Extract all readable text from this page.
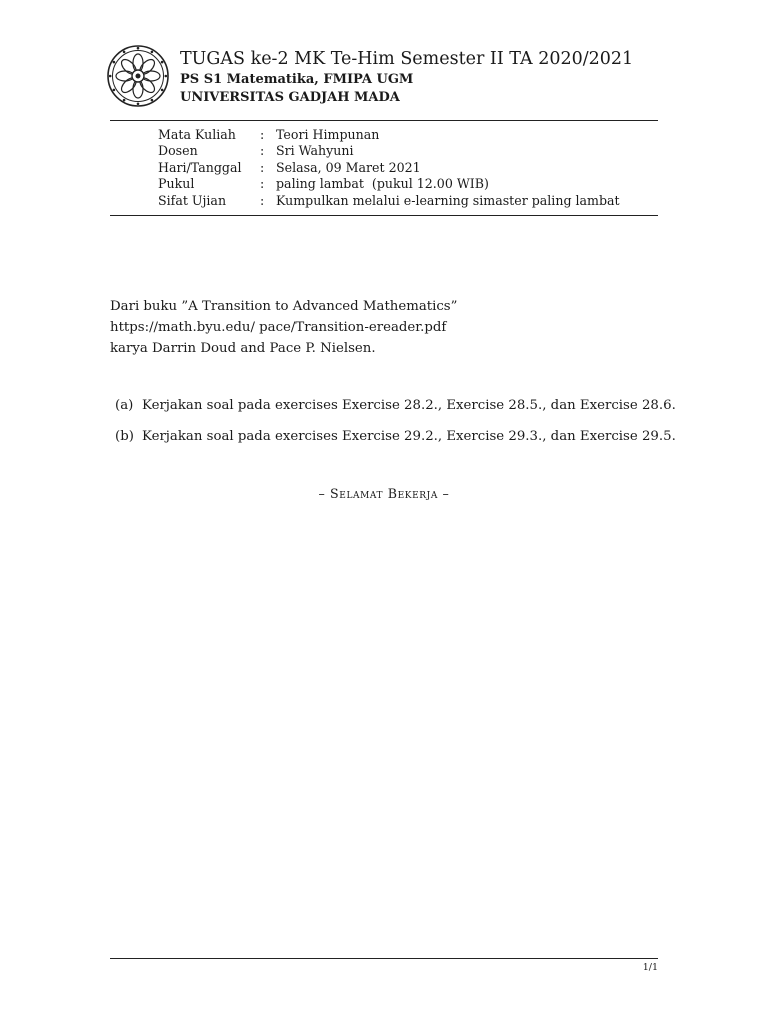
TUGAS ke-2 MK Te-Him Semester II TA 2020/2021
PS S1 Matematika, FMIPA UGM
UNIVERSITAS GADJAH MADA
Mata Kuliah	:	Teori Himpunan
Dosen	:	Sri Wahyuni
Hari/Tanggal	:	Selasa, 09 Maret 2021
Pukul	:	paling lambat  (pukul 12.00 WIB)
Sifat Ujian	:	Kumpulkan melalui e-learning simaster paling lambat
Dari buku ”A Transition to Advanced Mathematics”
https://math.byu.edu/ pace/Transition-ereader.pdf
karya Darrin Doud and Pace P. Nielsen.
(a) Kerjakan soal pada exercises Exercise 28.2., Exercise 28.5., dan Exercise 28.6.
(b) Kerjakan soal pada exercises Exercise 29.2., Exercise 29.3., dan Exercise 29.5.
– Selamat Bekerja –
1/1
